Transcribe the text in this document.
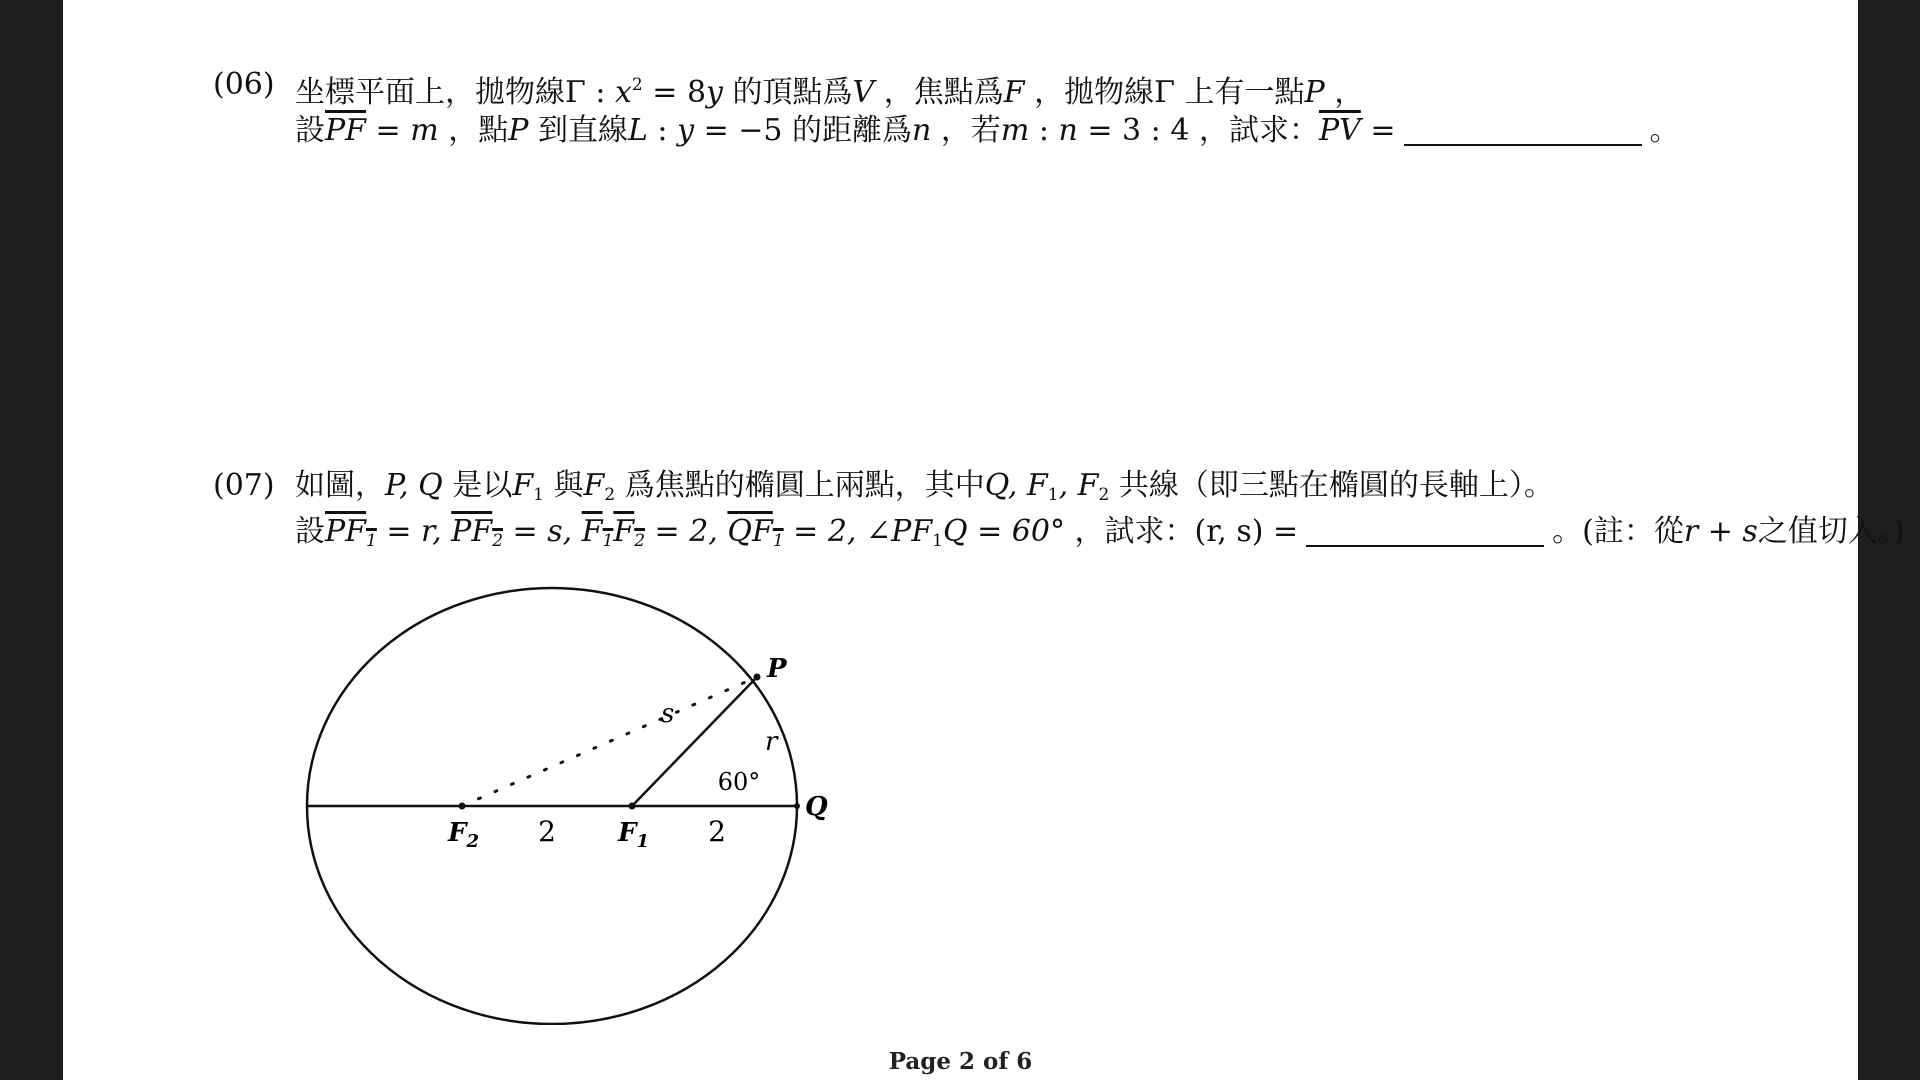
(06) 坐標平面上，拋物線Γ : $x^2 = 8y$ 的頂點爲V ，焦點爲F ，拋物線Γ 上有一點P ，
設$\overline{PF} = m$ ，點P 到直線L : y = −5 的距離爲n ，若m : n = 3 : 4 ，試求：$\overline{PV}$ =	。
(07) 如圖，P, Q 是以$F_1$ 與$F_2$ 爲焦點的橢圓上兩點，其中Q, $F_1$, $F_2$ 共線（即三點在橢圓的長軸上）。
設$PF_1 = r$, $PF_2 = s$, $F_1F_2 = 2$, $QF_1 = 2$, $\angle PF_1Q = 60^\circ$ ，試求：(r, s) =	。(註：從r + s之值切入。)
P
Q
s
r
60°
$F_2$	$F_1$
2	2
Page 2 of 6
